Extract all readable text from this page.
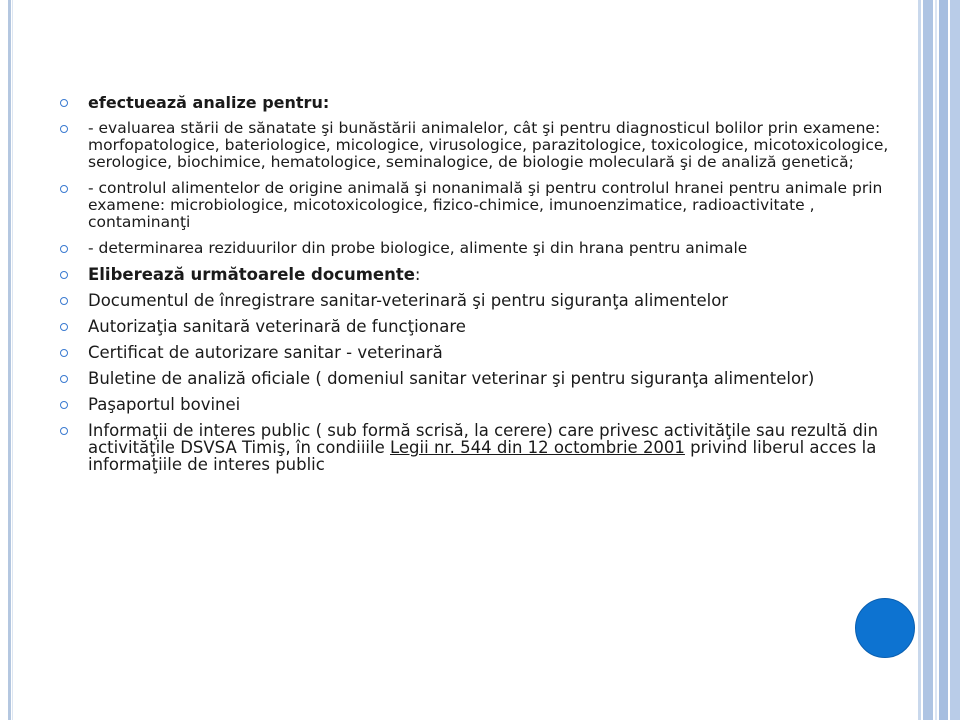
efectuează analize pentru:
- evaluarea stării de sănatate şi bunăstării animalelor, cât şi pentru diagnosticul bolilor prin examene: morfopatologice, bateriologice, micologice, virusologice, parazitologice, toxicologice, micotoxicologice, serologice, biochimice, hematologice, seminalogice, de biologie moleculară şi de analiză genetică;
- controlul alimentelor de origine animală şi nonanimală şi pentru controlul hranei pentru animale prin examene: microbiologice, micotoxicologice, fizico-chimice, imunoenzimatice, radioactivitate , contaminanţi
- determinarea reziduurilor din probe biologice, alimente şi din hrana pentru animale
Eliberează următoarele documente:
Documentul de înregistrare sanitar-veterinară şi pentru siguranţa alimentelor
Autorizaţia sanitară veterinară de funcţionare
Certificat de autorizare sanitar - veterinară
Buletine de analiză oficiale ( domeniul sanitar veterinar şi pentru siguranţa alimentelor)
Paşaportul bovinei
Informaţii de interes public ( sub formă scrisă, la cerere) care privesc activităţile sau rezultă din activităţile DSVSA Timiş, în condiiile Legii nr. 544 din 12 octombrie 2001 privind liberul acces la informaţiile de interes public
